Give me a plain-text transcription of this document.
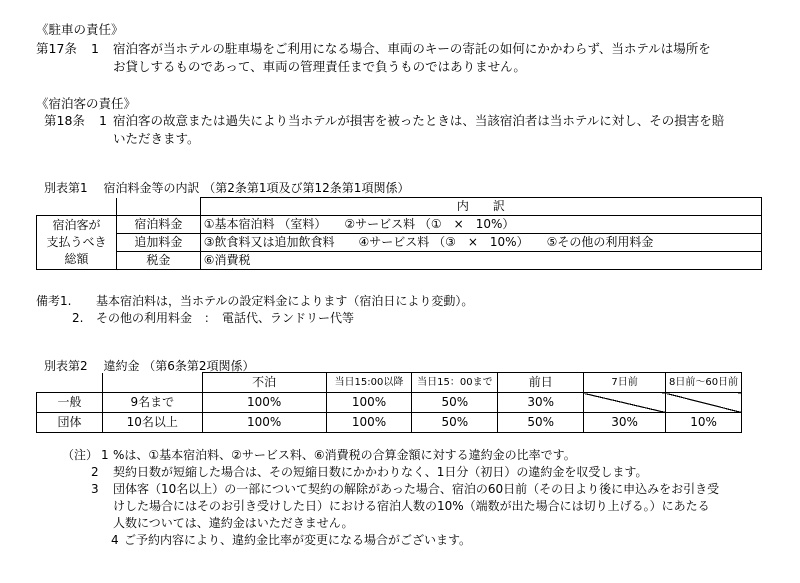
《駐車の責任》
第17条 1 宿泊客が当ホテルの駐車場をご利用になる場合、車両のキーの寄託の如何にかかわらず、当ホテルは場所を
お貸しするものであって、車両の管理責任まで負うものではありません。
《宿泊客の責任》
第18条 1 宿泊客の故意または過失により当ホテルが損害を被ったときは、当該宿泊者は当ホテルに対し、その損害を賠
いただきます。
別表第1　 宿泊料金等の内訳 （第2条第1項及び第12条第1項関係）
		内　　訳

宿泊客が
支払うべき
総額	宿泊料金	①基本宿泊料 （室料）　　②サービス料 （①　×　10%）
	追加料金	③飲食料又は追加飲食料　　④サービス料 （③　×　10%）　　⑤その他の利用料金
	税金	⑥消費税
備考1. 基本宿泊料は，当ホテルの設定料金によります（宿泊日により変動）。
2. その他の利用料金　：　電話代、ランドリー代等
別表第2　 違約金 （第6条第2項関係）
		不泊	当日15:00以降	当日15：00まで	前日	7日前	8日前～60日前
一般	9名まで	100%	100%	50%	30%		
団体	10名以上	100%	100%	50%	50%	30%	10%
（注） 1 %は、①基本宿泊料、②サービス料、⑥消費税の合算金額に対する違約金の比率です。
2 契約日数が短縮した場合は、その短縮日数にかかわりなく、1日分（初日）の違約金を収受します。
3 団体客（10名以上）の一部について契約の解除があった場合、宿泊の60日前（その日より後に申込みをお引き受
けした場合にはそのお引き受けした日）における宿泊人数の10%（端数が出た場合には切り上げる。）にあたる
人数については、違約金はいただきません。
4 ご予約内容により、違約金比率が変更になる場合がございます。
